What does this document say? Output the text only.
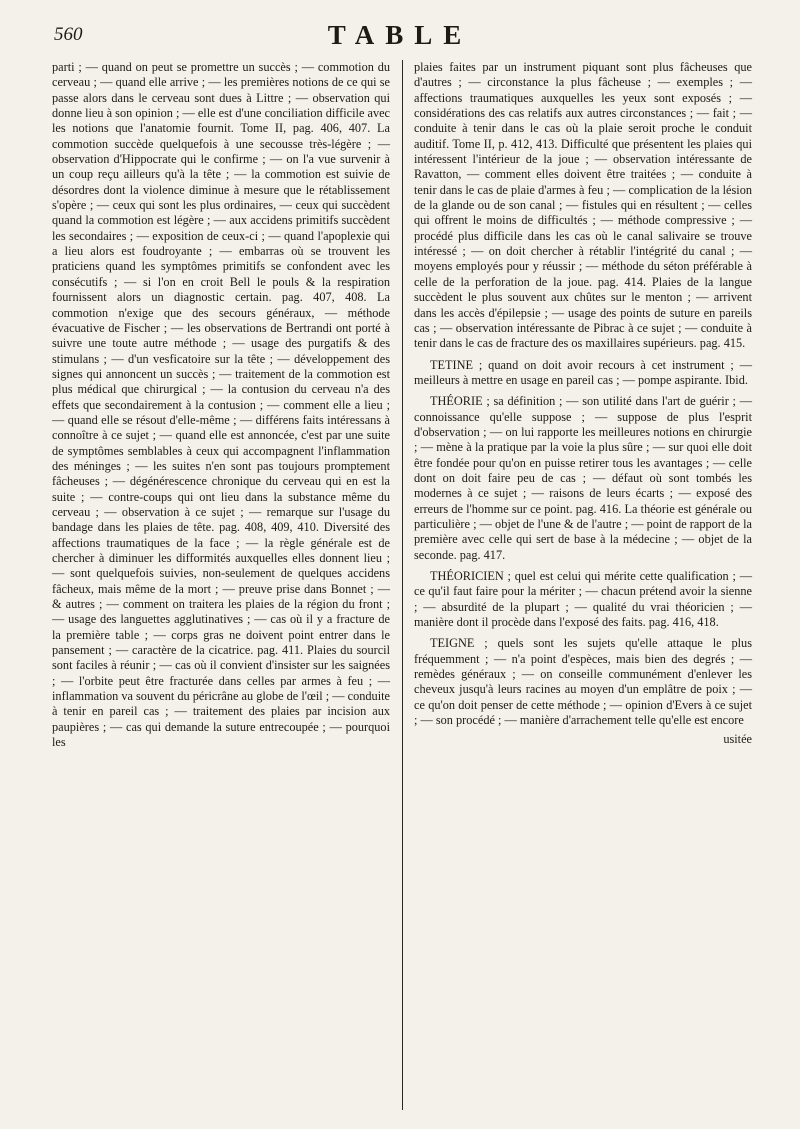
560	TABLE

parti ; — quand on peut se promettre un succès ; — commotion du cerveau ; — quand elle arrive ; — les premières notions de ce qui se passe alors dans le cerveau sont dues à Littre ; — observation qui donne lieu à son opinion ; — elle est d'une conciliation difficile avec les notions que l'anatomie fournit. Tome II, pag. 406, 407. La commotion succède quelquefois à une secousse très-légère ; — observation d'Hippocrate qui le confirme ; — on l'a vue survenir à un coup reçu ailleurs qu'à la tête ; — la commotion est suivie de désordres dont la violence diminue à mesure que le rétablissement s'opère ; — ceux qui sont les plus ordinaires, — ceux qui succèdent quand la commotion est légère ; — aux accidens primitifs succèdent les secondaires ; — exposition de ceux-ci ; — quand l'apoplexie qui a lieu alors est foudroyante ; — embarras où se trouvent les praticiens quand les symptômes primitifs se confondent avec les consécutifs ; — si l'on en croit Bell le pouls & la respiration fournissent alors un diagnostic certain. pag. 407, 408. La commotion n'exige que des secours généraux, — méthode évacuative de Fischer ; — les observations de Bertrandi ont porté à suivre une toute autre méthode ; — usage des purgatifs & des stimulans ; — d'un vesficatoire sur la tête ; — développement des signes qui annoncent un succès ; — traitement de la commotion est plus médical que chirurgical ; — la contusion du cerveau n'a des effets que secondairement à la contusion ; — comment elle a lieu ; — quand elle se résout d'elle-même ; — différens faits intéressans à connoître à ce sujet ; — quand elle est annoncée, c'est par une suite de symptômes semblables à ceux qui accompagnent l'inflammation des méninges ; — les suites n'en sont pas toujours promptement fâcheuses ; — dégénérescence chronique du cerveau qui en est la suite ; — contre-coups qui ont lieu dans la substance même du cerveau ; — observation à ce sujet ; — remarque sur l'usage du bandage dans les plaies de tête. pag. 408, 409, 410. Diversité des affections traumatiques de la face ; — la règle générale est de chercher à diminuer les difformités auxquelles elles donnent lieu ; — sont quelquefois suivies, non-seulement de quelques accidens fâcheux, mais même de la mort ; — preuve prise dans Bonnet ; — & autres ; — comment on traitera les plaies de la région du front ; — usage des languettes agglutinatives ; — cas où il y a fracture de la première table ; — corps gras ne doivent point entrer dans le pansement ; — caractère de la cicatrice. pag. 411. Plaies du sourcil sont faciles à réunir ; — cas où il convient d'insister sur les saignées ; — l'orbite peut être fracturée dans celles par armes à feu ; — inflammation va souvent du péricrâne au globe de l'œil ; — conduite à tenir en pareil cas ; — traitement des plaies par incision aux paupières ; — cas qui demande la suture entrecoupée ; — pourquoi les

plaies faites par un instrument piquant sont plus fâcheuses que d'autres ; — circonstance la plus fâcheuse ; — exemples ; — affections traumatiques auxquelles les yeux sont exposés ; — considérations des cas relatifs aux autres circonstances ; — fait ; — conduite à tenir dans le cas où la plaie seroit proche le conduit auditif. Tome II, p. 412, 413. Difficulté que présentent les plaies qui intéressent l'intérieur de la joue ; — observation intéressante de Ravatton, — comment elles doivent être traitées ; — conduite à tenir dans le cas de plaie d'armes à feu ; — complication de la lésion de la glande ou de son canal ; — fistules qui en résultent ; — celles qui offrent le moins de difficultés ; — méthode compressive ; — procédé plus difficile dans les cas où le canal salivaire se trouve intéressé ; — on doit chercher à rétablir l'intégrité du canal ; — moyens employés pour y réussir ; — méthode du séton préférable à celle de la perforation de la joue. pag. 414. Plaies de la langue succèdent le plus souvent aux chûtes sur le menton ; — arrivent dans les accès d'épilepsie ; — usage des points de suture en pareils cas ; — observation intéressante de Pibrac à ce sujet ; — conduite à tenir dans le cas de fracture des os maxillaires supérieurs. pag. 415.

TETINE ; quand on doit avoir recours à cet instrument ; — meilleurs à mettre en usage en pareil cas ; — pompe aspirante. Ibid.

THÉORIE ; sa définition ; — son utilité dans l'art de guérir ; — connoissance qu'elle suppose ; — suppose de plus l'esprit d'observation ; — on lui rapporte les meilleures notions en chirurgie ; — mène à la pratique par la voie la plus sûre ; — sur quoi elle doit être fondée pour qu'on en puisse retirer tous les avantages ; — celle dont on doit faire peu de cas ; — défaut où sont tombés les modernes à ce sujet ; — raisons de leurs écarts ; — exposé des erreurs de l'homme sur ce point. pag. 416. La théorie est générale ou particulière ; — objet de l'une & de l'autre ; — point de rapport de la première avec celle qui sert de base à la médecine ; — objet de la seconde. pag. 417.

THÉORICIEN ; quel est celui qui mérite cette qualification ; — ce qu'il faut faire pour la mériter ; — chacun prétend avoir la sienne ; — absurdité de la plupart ; — qualité du vrai théoricien ; — manière dont il procède dans l'exposé des faits. pag. 416, 418.

TEIGNE ; quels sont les sujets qu'elle attaque le plus fréquemment ; — n'a point d'espèces, mais bien des degrés ; — remèdes généraux ; — on conseille communément d'enlever les cheveux jusqu'à leurs racines au moyen d'un emplâtre de poix ; — ce qu'on doit penser de cette méthode ; — opinion d'Evers à ce sujet ; — son procédé ; — manière d'arrachement telle qu'elle est encore

usitée
